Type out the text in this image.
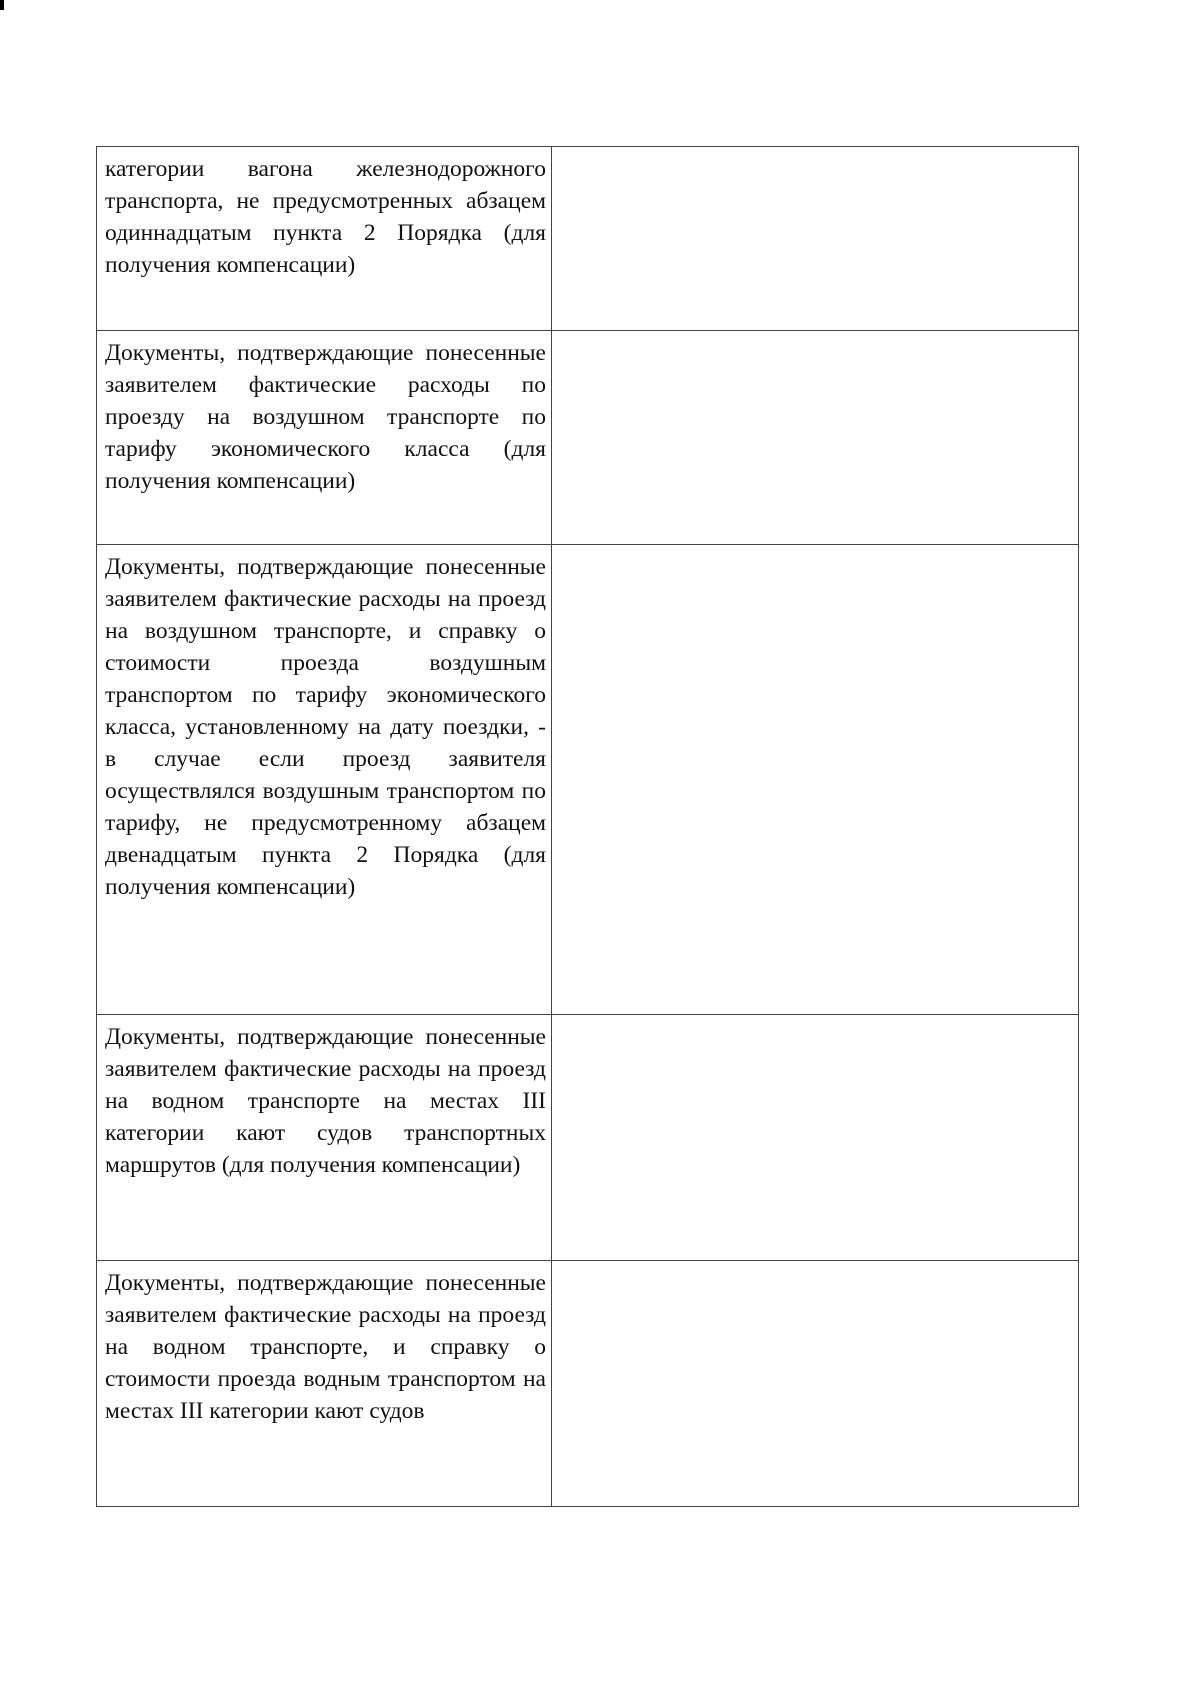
категории вагона железнодорожного транспорта, не предусмотренных абзацем одиннадцатым пункта 2 Порядка (для получения компенсации)	

Документы, подтверждающие понесенные заявителем фактические расходы по проезду на воздушном транспорте по тарифу экономического класса (для получения компенсации)	

Документы, подтверждающие понесенные заявителем фактические расходы на проезд на воздушном транспорте, и справку о стоимости проезда воздушным транспортом по тарифу экономического класса, установленному на дату поездки, - в случае если проезд заявителя осуществлялся воздушным транспортом по тарифу, не предусмотренному абзацем двенадцатым пункта 2 Порядка (для получения компенсации)	

Документы, подтверждающие понесенные заявителем фактические расходы на проезд на водном транспорте на местах III категории кают судов транспортных маршрутов (для получения компенсации)	

Документы, подтверждающие понесенные заявителем фактические расходы на проезд на водном транспорте, и справку о стоимости проезда водным транспортом на местах III категории кают судов	
